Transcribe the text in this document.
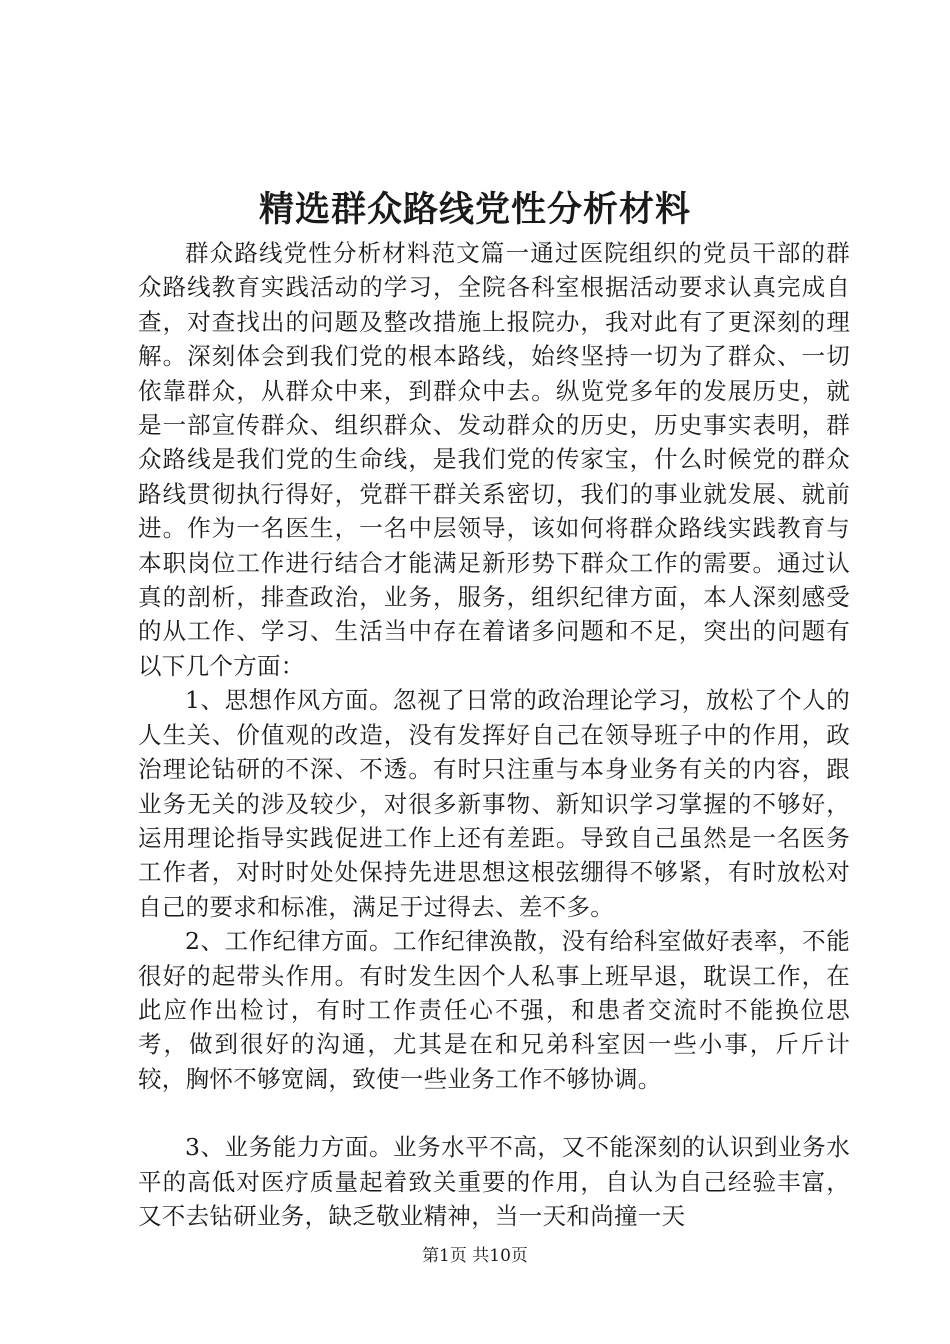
精选群众路线党性分析材料

群众路线党性分析材料范文篇一通过医院组织的党员干部的群众路线教育实践活动的学习，全院各科室根据活动要求认真完成自查，对查找出的问题及整改措施上报院办，我对此有了更深刻的理解。深刻体会到我们党的根本路线，始终坚持一切为了群众、一切依靠群众，从群众中来，到群众中去。纵览党多年的发展历史，就是一部宣传群众、组织群众、发动群众的历史，历史事实表明，群众路线是我们党的生命线，是我们党的传家宝，什么时候党的群众路线贯彻执行得好，党群干群关系密切，我们的事业就发展、就前进。作为一名医生，一名中层领导，该如何将群众路线实践教育与本职岗位工作进行结合才能满足新形势下群众工作的需要。通过认真的剖析，排查政治，业务，服务，组织纪律方面，本人深刻感受的从工作、学习、生活当中存在着诸多问题和不足，突出的问题有以下几个方面：

1、思想作风方面。忽视了日常的政治理论学习，放松了个人的人生关、价值观的改造，没有发挥好自己在领导班子中的作用，政治理论钻研的不深、不透。有时只注重与本身业务有关的内容，跟业务无关的涉及较少，对很多新事物、新知识学习掌握的不够好，运用理论指导实践促进工作上还有差距。导致自己虽然是一名医务工作者，对时时处处保持先进思想这根弦绷得不够紧，有时放松对自己的要求和标准，满足于过得去、差不多。

2、工作纪律方面。工作纪律涣散，没有给科室做好表率，不能很好的起带头作用。有时发生因个人私事上班早退，耽误工作，在此应作出检讨，有时工作责任心不强，和患者交流时不能换位思考，做到很好的沟通，尤其是在和兄弟科室因一些小事，斤斤计较，胸怀不够宽阔，致使一些业务工作不够协调。

3、业务能力方面。业务水平不高，又不能深刻的认识到业务水平的高低对医疗质量起着致关重要的作用，自认为自己经验丰富，又不去钻研业务，缺乏敬业精神，当一天和尚撞一天

第1页 共10页
